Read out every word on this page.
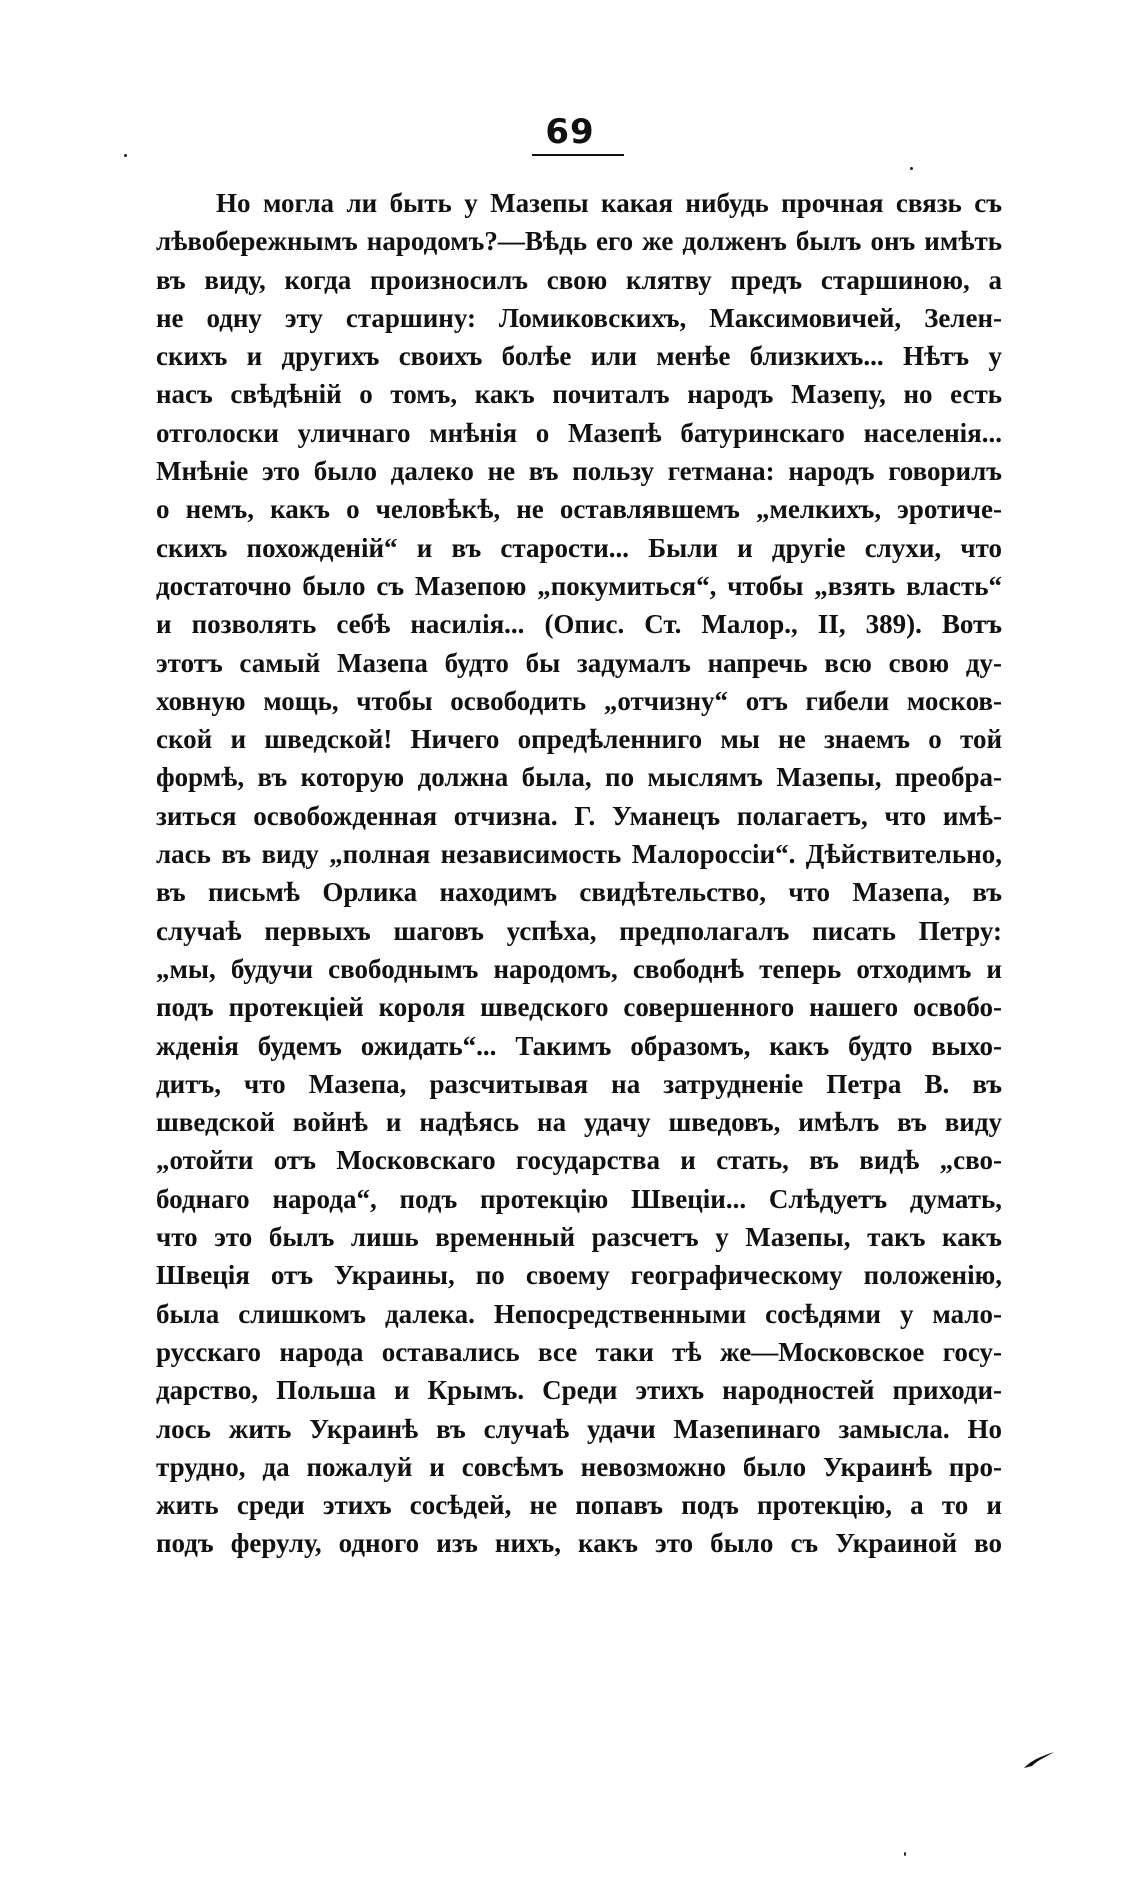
69
Но могла ли быть у Мазепы какая нибудь прочная связь съ
лѣвобережнымъ народомъ?—Вѣдь его же долженъ былъ онъ имѣть
въ виду, когда произносилъ свою клятву предъ старшиною, а
не одну эту старшину: Ломиковскихъ, Максимовичей, Зелен-
скихъ и другихъ своихъ болѣе или менѣе близкихъ... Нѣтъ у
насъ свѣдѣній о томъ, какъ почиталъ народъ Мазепу, но есть
отголоски уличнаго мнѣнія о Мазепѣ батуринскаго населенія...
Мнѣніе это было далеко не въ пользу гетмана: народъ говорилъ
о немъ, какъ о человѣкѣ, не оставлявшемъ „мелкихъ, эротиче-
скихъ похожденій“ и въ старости... Были и другіе слухи, что
достаточно было съ Мазепою „покумиться“, чтобы „взять власть“
и позволять себѣ насилія... (Опис. Ст. Малор., II, 389). Вотъ
этотъ самый Мазепа будто бы задумалъ напречь всю свою ду-
ховную мощь, чтобы освободить „отчизну“ отъ гибели москов-
ской и шведской! Ничего опредѣленниго мы не знаемъ о той
формѣ, въ которую должна была, по мыслямъ Мазепы, преобра-
зиться освобожденная отчизна. Г. Уманецъ полагаетъ, что имѣ-
лась въ виду „полная независимость Малороссіи“. Дѣйствительно,
въ письмѣ Орлика находимъ свидѣтельство, что Мазепа, въ
случаѣ первыхъ шаговъ успѣха, предполагалъ писать Петру:
„мы, будучи свободнымъ народомъ, свободнѣ теперь отходимъ и
подъ протекціей короля шведского совершенного нашего освобо-
жденія будемъ ожидать“... Такимъ образомъ, какъ будто выхо-
дитъ, что Мазепа, разсчитывая на затрудненіе Петра В. въ
шведской войнѣ и надѣясь на удачу шведовъ, имѣлъ въ виду
„отойти отъ Московскаго государства и стать, въ видѣ „сво-
боднаго народа“, подъ протекцію Швеціи... Слѣдуетъ думать,
что это былъ лишь временный разсчетъ у Мазепы, такъ какъ
Швеція отъ Украины, по своему географическому положенію,
была слишкомъ далека. Непосредственными сосѣдями у мало-
русскаго народа оставались все таки тѣ же—Московское госу-
дарство, Польша и Крымъ. Среди этихъ народностей приходи-
лось жить Украинѣ въ случаѣ удачи Мазепинаго замысла. Но
трудно, да пожалуй и совсѣмъ невозможно было Украинѣ про-
жить среди этихъ сосѣдей, не попавъ подъ протекцію, а то и
подъ ферулу, одного изъ нихъ, какъ это было съ Украиной во
